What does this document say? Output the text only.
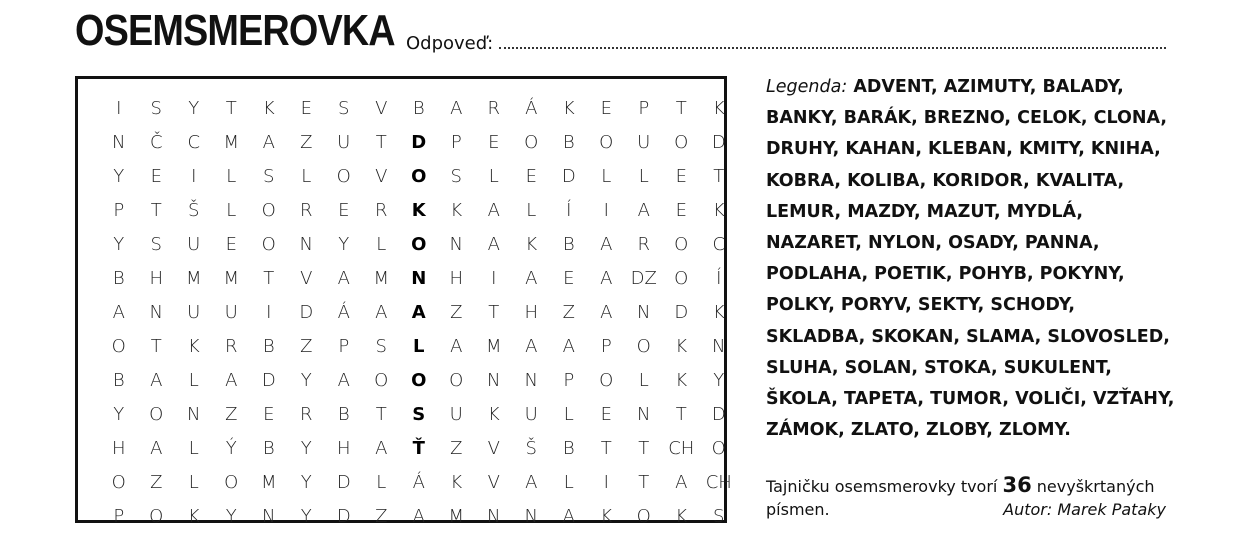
OSEMSMEROVKA Odpoveď:
I	S	Y	T	K	E	S	V	B	A	R	Á	K	E	P	T	K
N	Č	C	M	A	Z	U	T	D	P	E	O	B	O	U	O	D
Y	E	I	L	S	L	O	V	O	S	L	E	D	L	L	E	T
P	T	Š	L	O	R	E	R	K	K	A	L	Í	I	A	E	K
Y	S	U	E	O	N	Y	L	O	N	A	K	B	A	R	O	C
B	H	M	M	T	V	A	M	N	H	I	A	E	A	DZ O	Í
A	N	U	U	I	D	Á	A	A	Z	T	H	Z	A	N	D	K
O	T	K	R	B	Z	P	S	L	A	M	A	A	P	O	K	N
B	A	L	A	D	Y	A	O	O	O	N	N	P	O	L	K	Y
Y	O	N	Z	E	R	B	T	S	U	K	U	L	E	N	T	D
H	A	L	Ý	B	Y	H	A	Ť	Z	V	Š	B	T	T	CH O
O	Z	L	O	M	Y	D	L	Á	K	V	A	L	I	T	A	CH
P	O	K	Y	N	Y	D	Z	A	M	N	N	A	K	O	K	S
Legenda: ADVENT, AZIMUTY, BALADY, BANKY, BARÁK, BREZNO, CELOK, CLONA, DRUHY, KAHAN, KLEBAN, KMITY, KNIHA, KOBRA, KOLIBA, KORIDOR, KVALITA, LEMUR, MAZDY, MAZUT, MYDLÁ, NAZARET, NYLON, OSADY, PANNA, PODLAHA, POETIK, POHYB, POKYNY, POLKY, PORYV, SEKTY, SCHODY, SKLADBA, SKOKAN, SLAMA, SLOVOSLED, SLUHA, SOLAN, STOKA, SUKULENT, ŠKOLA, TAPETA, TUMOR, VOLIČI, VZŤAHY, ZÁMOK, ZLATO, ZLOBY, ZLOMY.
Tajničku osemsmerovky tvorí 36 nevyškrtaných písmen.	Autor: Marek Pataky
